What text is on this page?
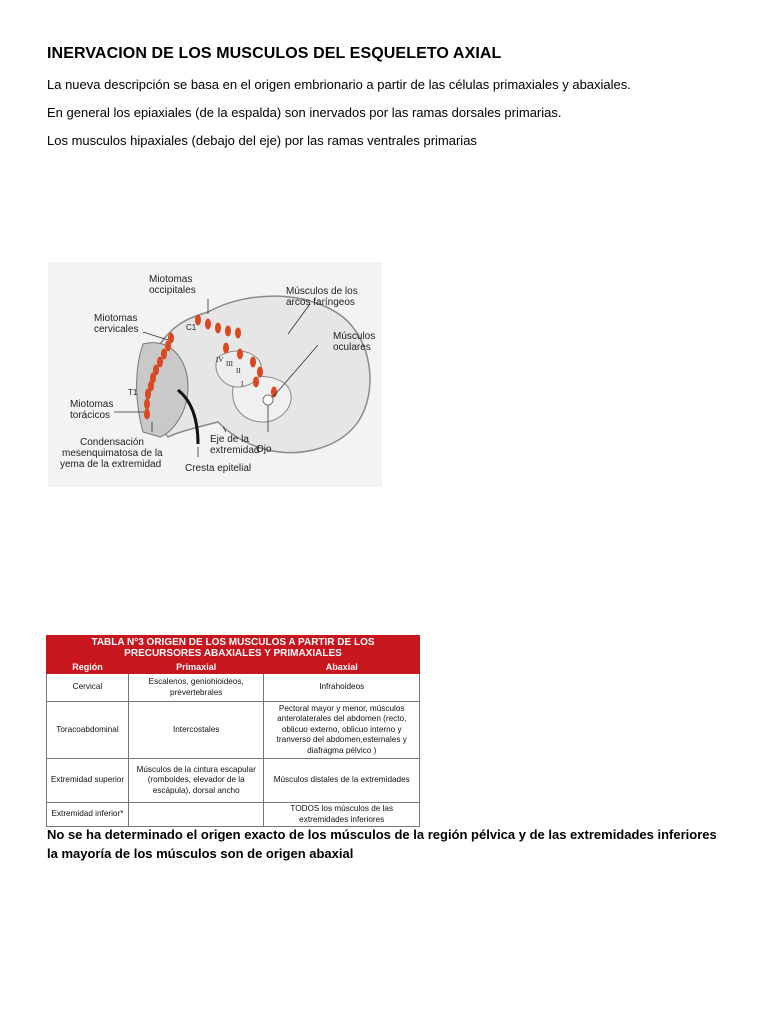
INERVACION DE LOS MUSCULOS DEL ESQUELETO AXIAL
La nueva descripción se basa en el origen embrionario a partir de las células primaxiales y abaxiales.
En general los epiaxiales (de la espalda) son inervados por las ramas dorsales primarias.
Los musculos hipaxiales (debajo del eje) por las ramas ventrales primarias
IV III
II
I
C1
T1
Miotomas
occipitales
Miotomas
cervicales
Miotomas
torácicos
Condensación
mesenquimatosa de la
yema de la extremidad
Músculos de los
arcos faríngeos
Músculos
oculares
Eje de la
extremidad
Ojo
Cresta epitelial
TABLA N°3 ORIGEN DE LOS MUSCULOS A PARTIR DE LOS
PRECURSORES ABAXIALES Y PRIMAXIALES		

Región	Primaxial	Abaxial
Cervical	Escalenos, geniohioideos, prevertebrales	Infrahoideos
Toracoabdominal	Intercostales	Pectoral mayor y menor, músculos anterolaterales del abdomen (recto, oblicuo externo, oblicuo interno y tranverso del abdomen,esternales y diafragma pélvico )
Extremidad superior	Músculos de la cintura escapular (romboides, elevador de la escápula), dorsal ancho	Músculos distales de la extremidades
Extremidad inferior*		TODOS los músculos de las extremidades inferiores
No se ha determinado el origen exacto de los músculos de la región pélvica y de las extremidades inferiores la mayoría de los músculos son de origen abaxial
